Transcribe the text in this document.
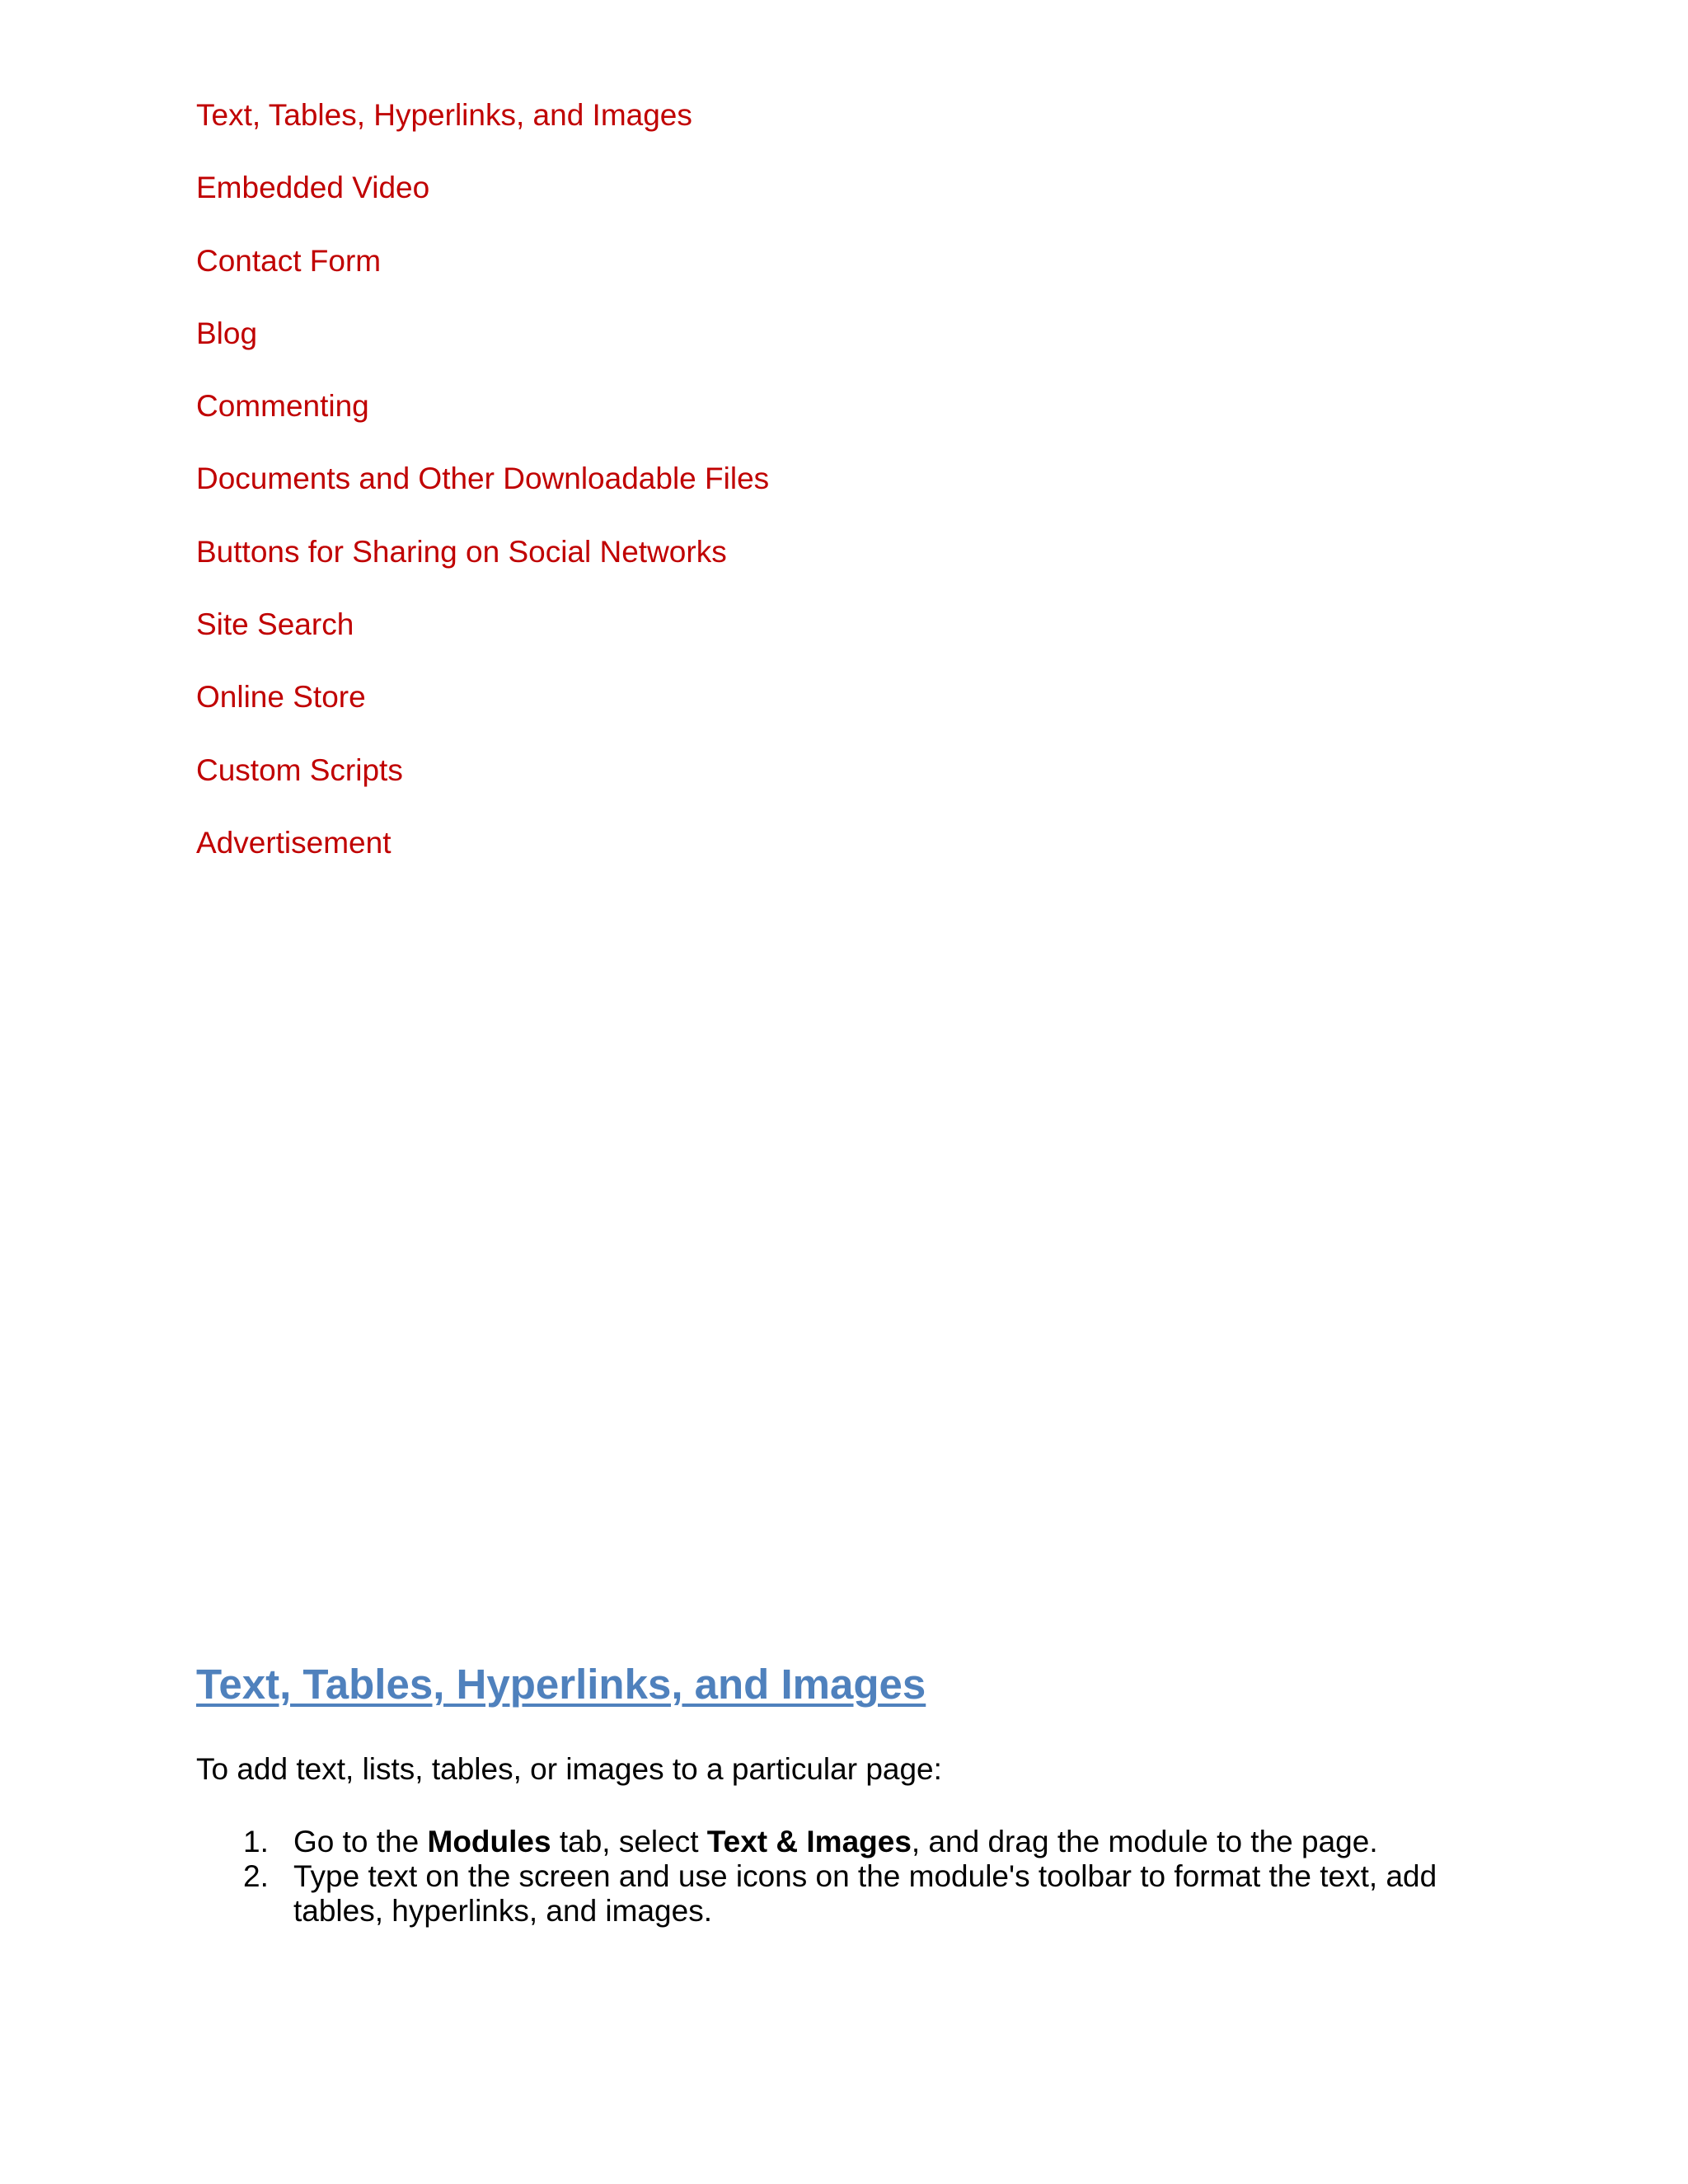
Text, Tables, Hyperlinks, and Images
Embedded Video
Contact Form
Blog
Commenting
Documents and Other Downloadable Files
Buttons for Sharing on Social Networks
Site Search
Online Store
Custom Scripts
Advertisement
Text, Tables, Hyperlinks, and Images

To add text, lists, tables, or images to a particular page:

1. Go to the Modules tab, select Text & Images, and drag the module to the page.
2. Type text on the screen and use icons on the module's toolbar to format the text, add tables, hyperlinks, and images.
